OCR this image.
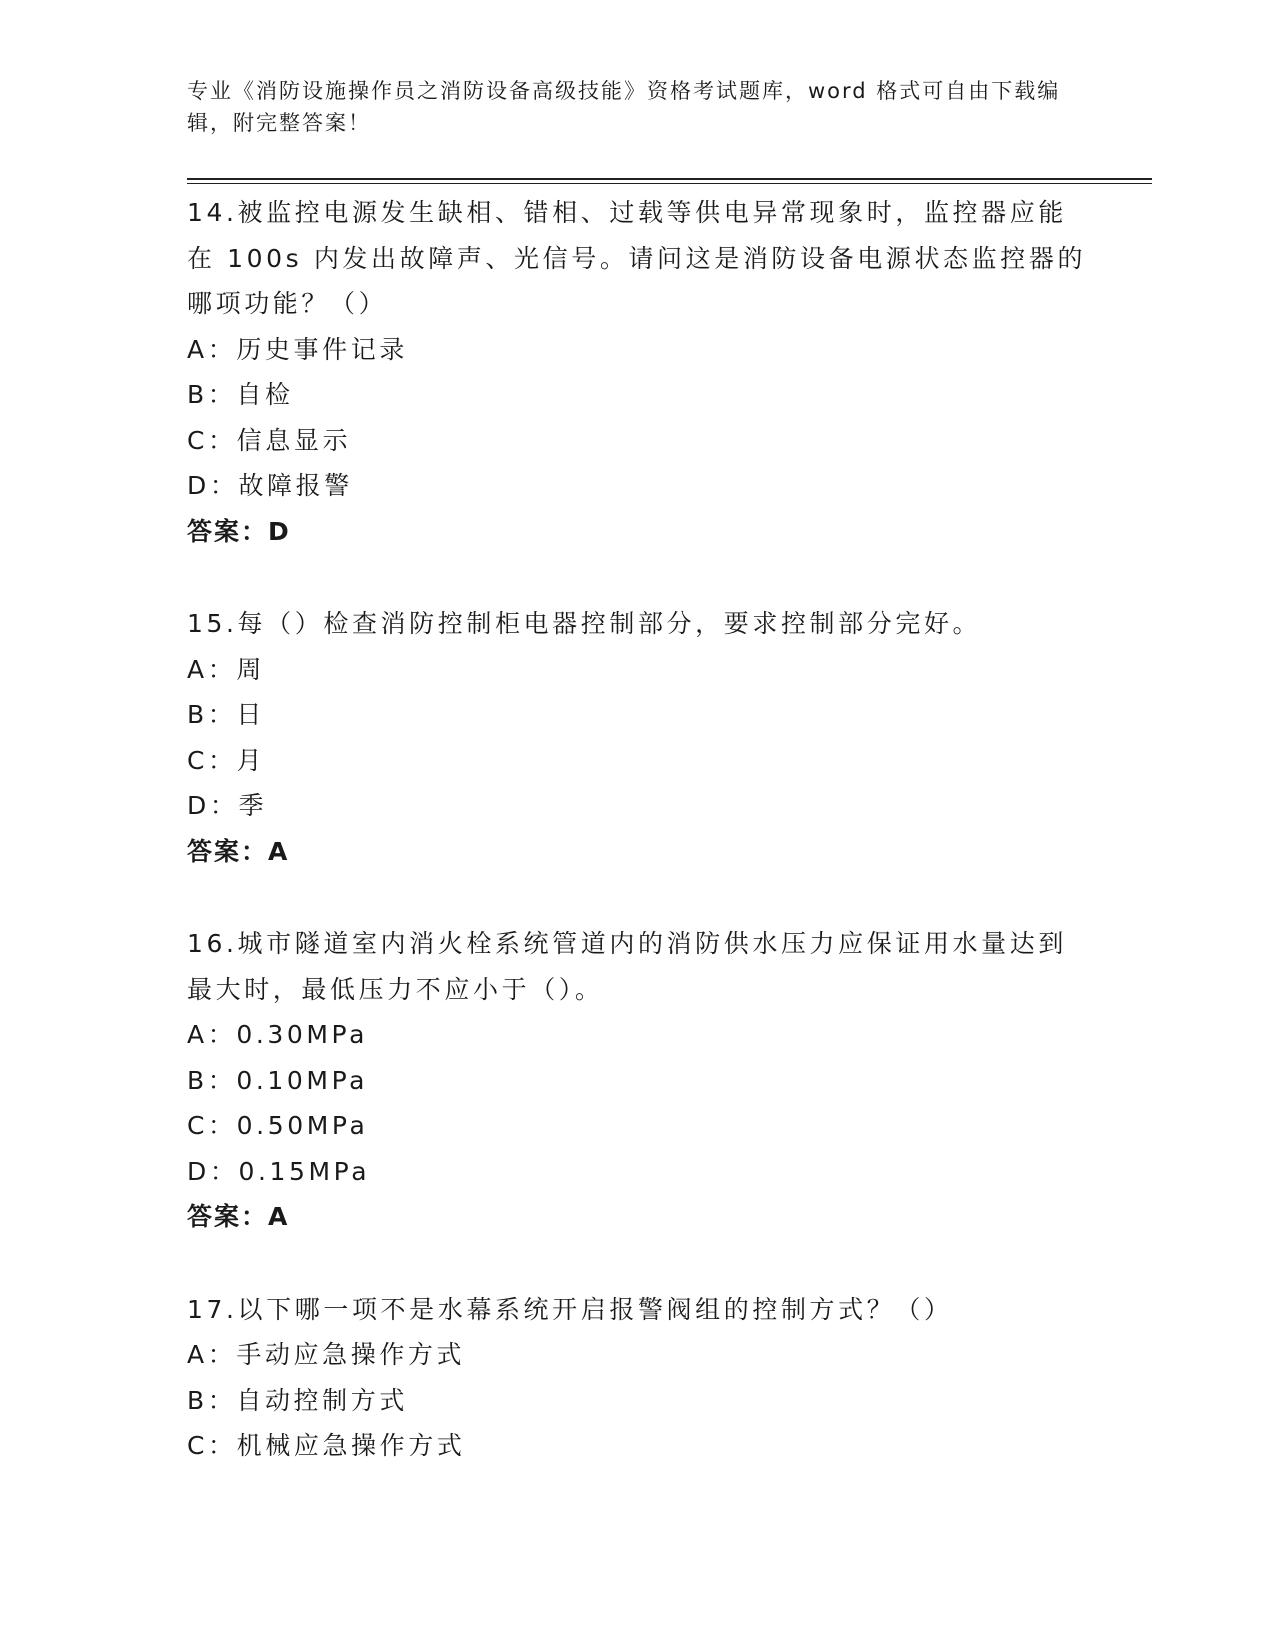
专业《消防设施操作员之消防设备高级技能》资格考试题库，word 格式可自由下载编辑，附完整答案！
14.被监控电源发生缺相、错相、过载等供电异常现象时，监控器应能在 100s 内发出故障声、光信号。请问这是消防设备电源状态监控器的哪项功能？（）
A：历史事件记录
B：自检
C：信息显示
D：故障报警
答案：D
15.每（）检查消防控制柜电器控制部分，要求控制部分完好。
A：周
B：日
C：月
D：季
答案：A
16.城市隧道室内消火栓系统管道内的消防供水压力应保证用水量达到最大时，最低压力不应小于（）。
A：0.30MPa
B：0.10MPa
C：0.50MPa
D：0.15MPa
答案：A
17.以下哪一项不是水幕系统开启报警阀组的控制方式？（）
A：手动应急操作方式
B：自动控制方式
C：机械应急操作方式
